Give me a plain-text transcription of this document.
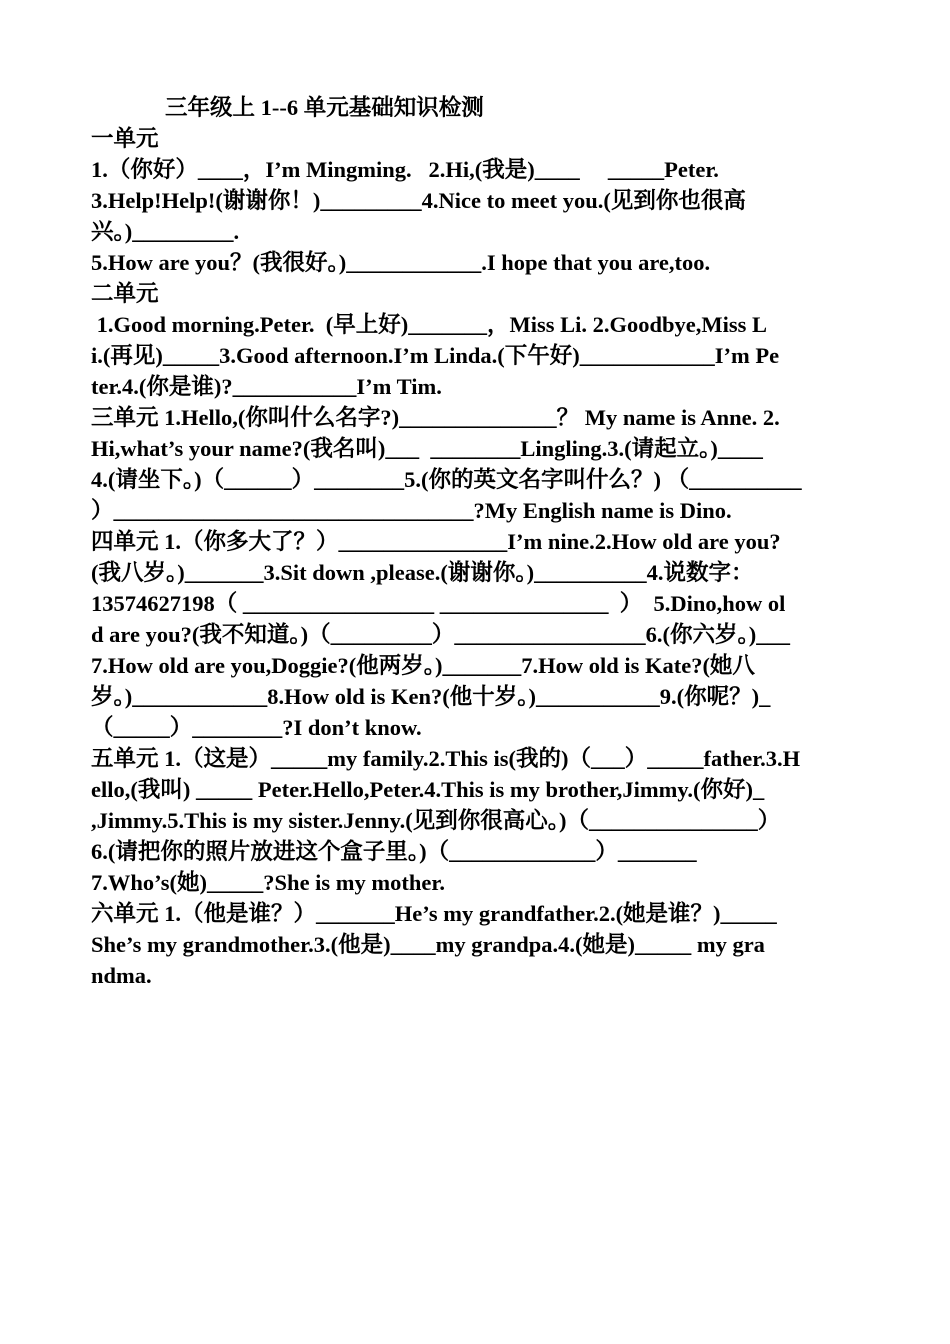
三年级上 1--6 单元基础知识检测
一单元
1.（你好）____，I’m Mingming.   2.Hi,(我是)____     _____Peter.
3.Help!Help!(谢谢你！)_________4.Nice to meet you.(见到你也很高
兴。)_________.
5.How are you？(我很好。)____________.I hope that you are,too.
二单元
1.Good morning.Peter.  (早上好)_______，Miss Li. 2.Goodbye,Miss L
i.(再见)_____3.Good afternoon.I’m Linda.(下午好)____________I’m Pe
ter.4.(你是谁)?___________I’m Tim.
三单元 1.Hello,(你叫什么名字?)______________？ My name is Anne. 2.
Hi,what’s your name?(我名叫)___  ________Lingling.3.(请起立。)____
4.(请坐下。)（______）________5.(你的英文名字叫什么？) （__________
）________________________________?My English name is Dino.
四单元 1.（你多大了？）_______________I’m nine.2.How old are you?
(我八岁。)_______3.Sit down ,please.(谢谢你。)__________4.说数字：
13574627198（ _________________ _______________  ）  5.Dino,how ol
d are you?(我不知道。)（_________）_________________6.(你六岁。)___
7.How old are you,Doggie?(他两岁。)_______7.How old is Kate?(她八
岁。)____________8.How old is Ken?(他十岁。)___________9.(你呢？)_
（_____）________?I don’t know.
五单元 1.（这是）_____my family.2.This is(我的)（___）_____father.3.H
ello,(我叫) _____ Peter.Hello,Peter.4.This is my brother,Jimmy.(你好)_
,Jimmy.5.This is my sister.Jenny.(见到你很高心。)（_______________）
6.(请把你的照片放进这个盒子里。)（_____________）_______
7.Who’s(她)_____?She is my mother.
六单元 1.（他是谁？）_______He’s my grandfather.2.(她是谁？)_____
She’s my grandmother.3.(他是)____my grandpa.4.(她是)_____ my gra
ndma.
